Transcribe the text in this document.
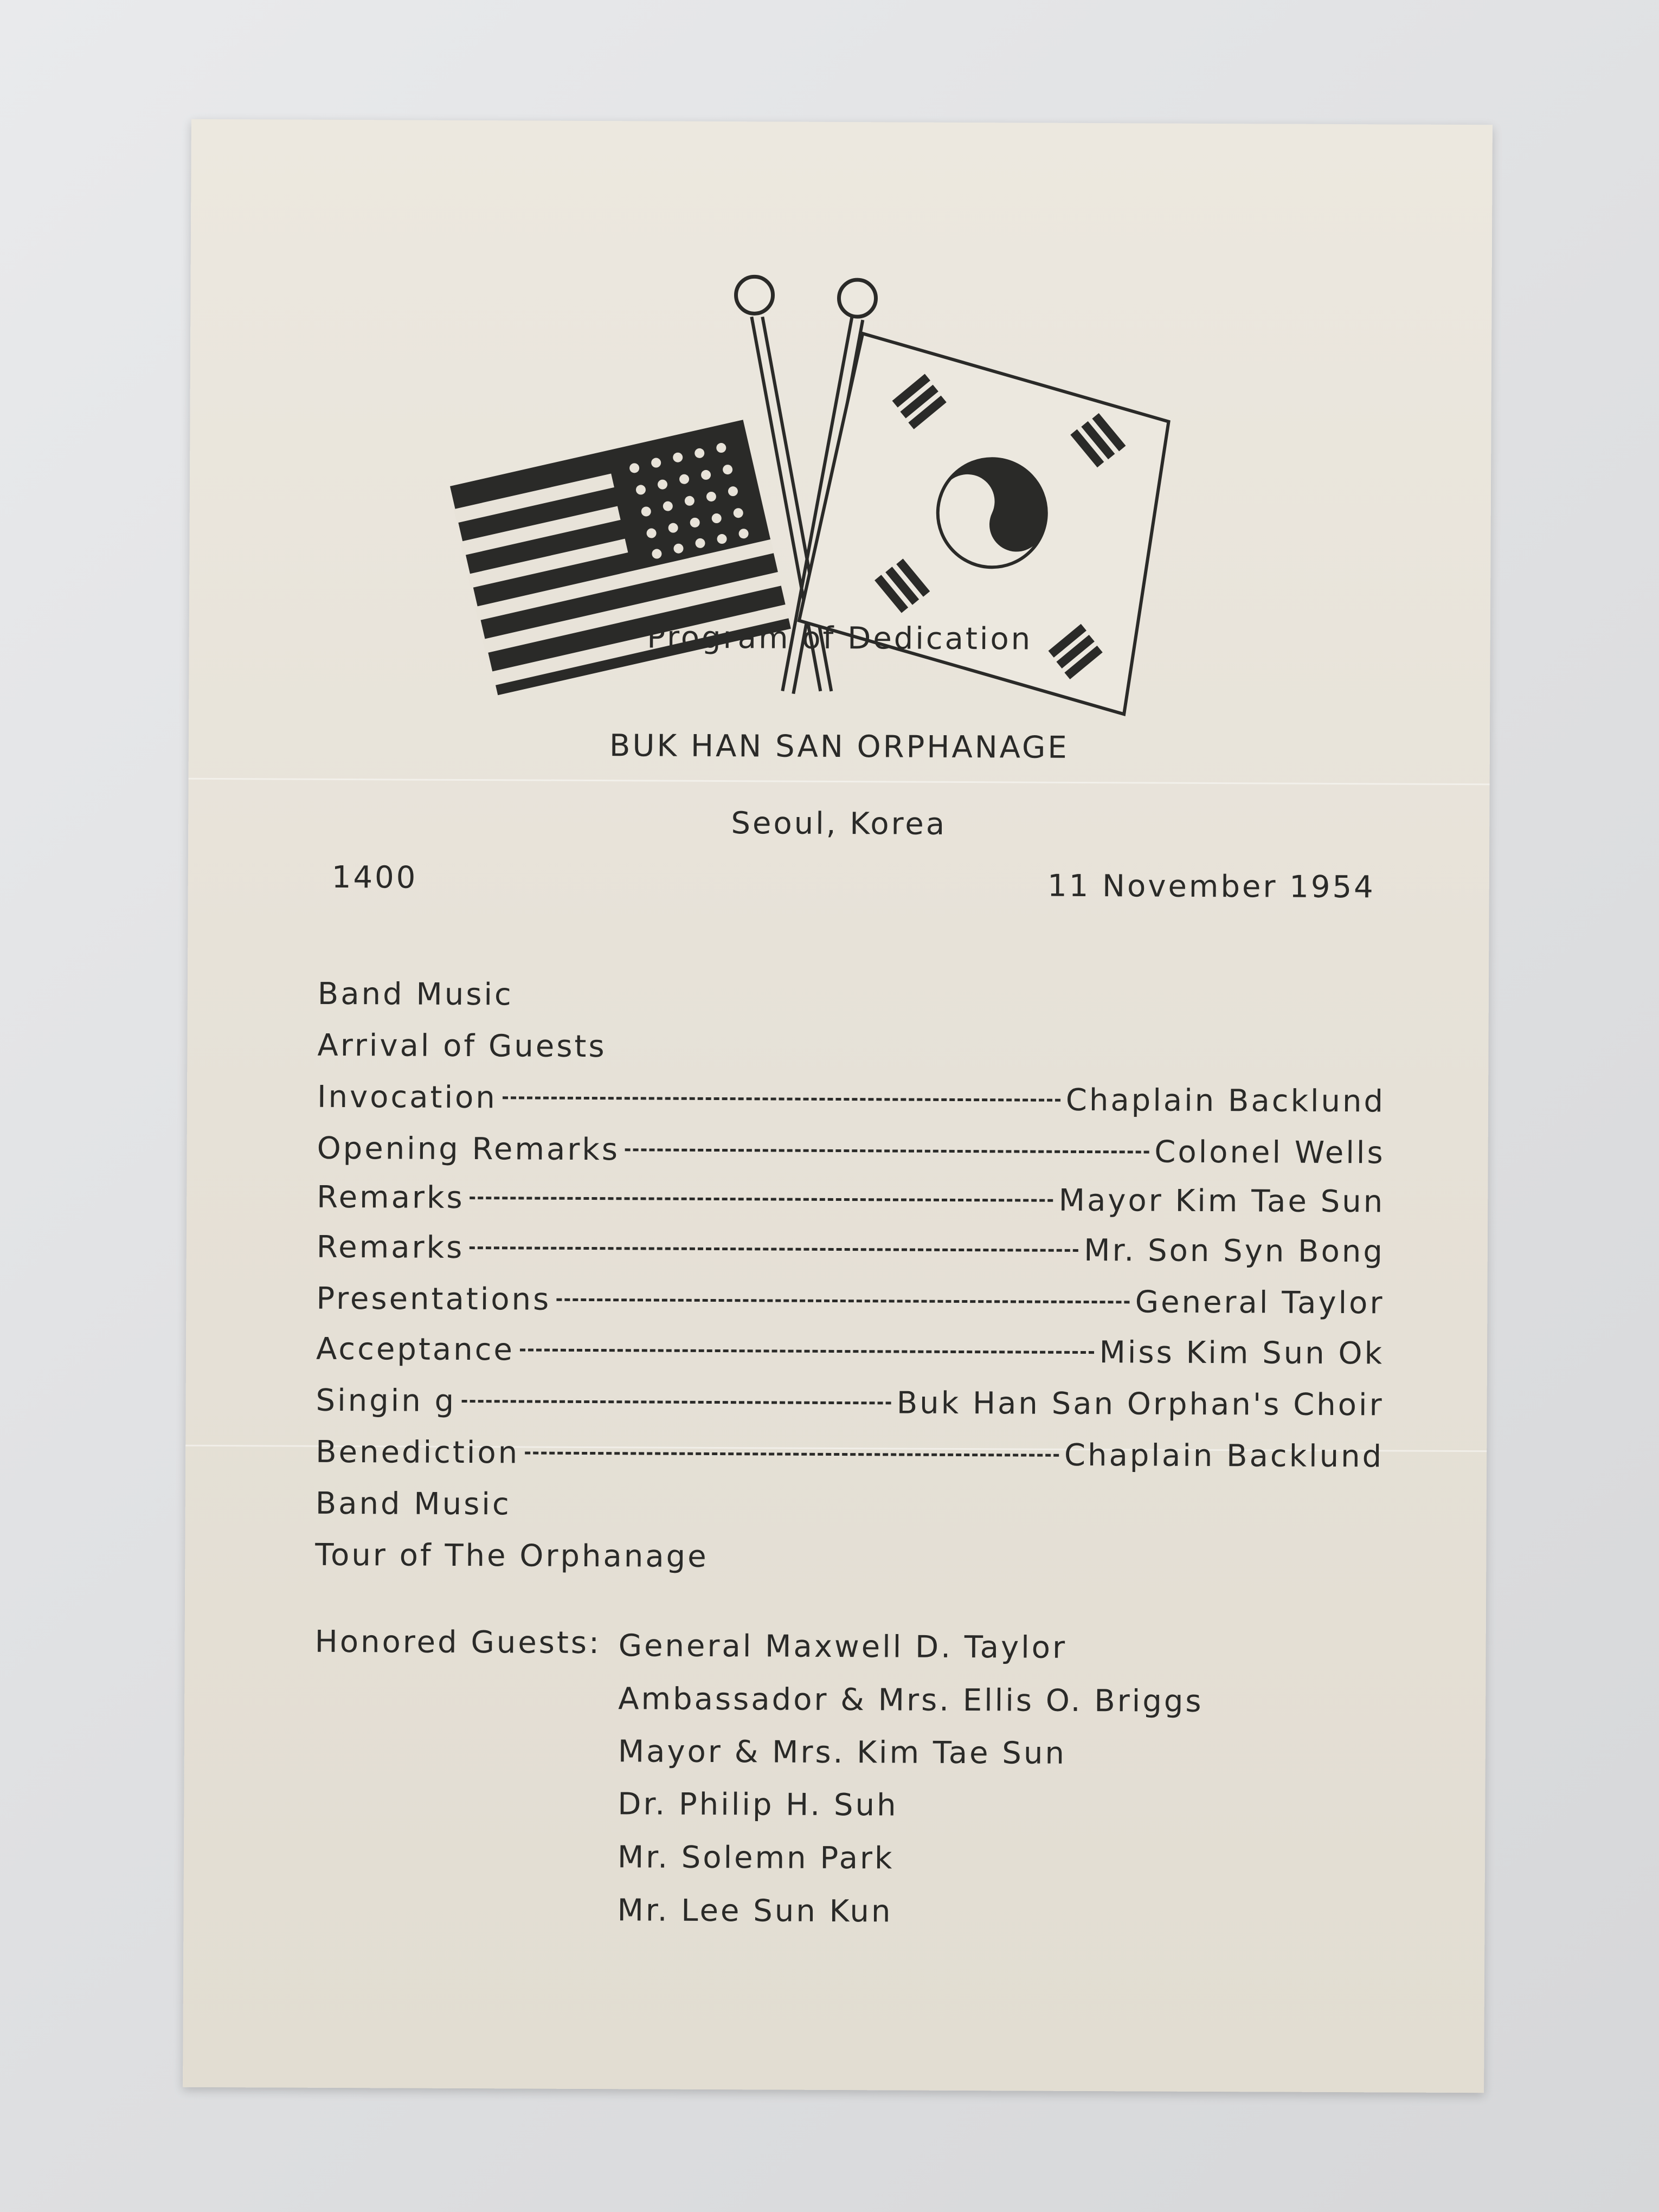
Program of Dedication
BUK HAN SAN ORPHANAGE
Seoul, Korea
1400	11 November 1954
Band Music
Arrival of Guests
Invocation	Chaplain Backlund
Opening Remarks	Colonel Wells
Remarks	Mayor Kim Tae Sun
Remarks	Mr. Son Syn Bong
Presentations	General Taylor
Acceptance	Miss Kim Sun Ok
Singin g	Buk Han San Orphan's Choir
Benediction	Chaplain Backlund
Band Music
Tour of The Orphanage
Honored Guests: General Maxwell D. Taylor
Ambassador & Mrs. Ellis O. Briggs
Mayor & Mrs. Kim Tae Sun
Dr. Philip H. Suh
Mr. Solemn Park
Mr. Lee Sun Kun
